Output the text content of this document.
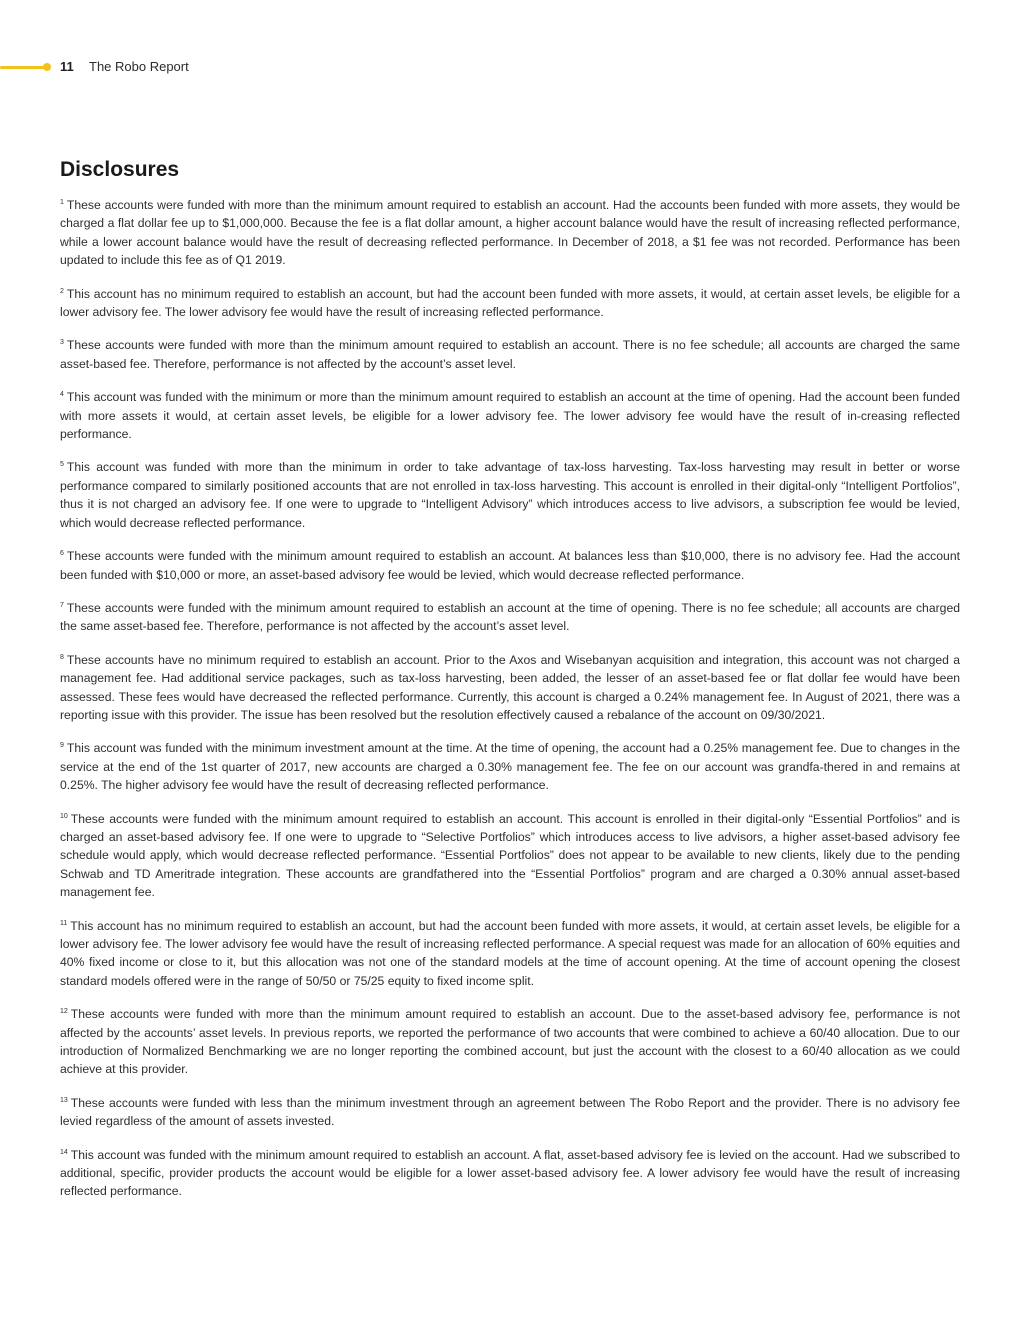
11 The Robo Report
Disclosures

$^1$ These accounts were funded with more than the minimum amount required to establish an account. Had the accounts been funded with more assets, they would be charged a flat dollar fee up to $1,000,000. Because the fee is a flat dollar amount, a higher account balance would have the result of increasing reflected performance, while a lower account balance would have the result of decreasing reflected performance. In December of 2018, a $1 fee was not recorded. Performance has been updated to include this fee as of Q1 2019.

$^2$ This account has no minimum required to establish an account, but had the account been funded with more assets, it would, at certain asset levels, be eligible for a lower advisory fee. The lower advisory fee would have the result of increasing reflected performance.

$^3$ These accounts were funded with more than the minimum amount required to establish an account. There is no fee schedule; all accounts are charged the same asset-based fee. Therefore, performance is not affected by the account’s asset level.

$^4$ This account was funded with the minimum or more than the minimum amount required to establish an account at the time of opening. Had the account been funded with more assets it would, at certain asset levels, be eligible for a lower advisory fee. The lower advisory fee would have the result of in-creasing reflected performance.

$^5$ This account was funded with more than the minimum in order to take advantage of tax-loss harvesting. Tax-loss harvesting may result in better or worse performance compared to similarly positioned accounts that are not enrolled in tax-loss harvesting. This account is enrolled in their digital-only “Intelligent Portfolios”, thus it is not charged an advisory fee. If one were to upgrade to “Intelligent Advisory” which introduces access to live advisors, a subscription fee would be levied, which would decrease reflected performance.

$^6$ These accounts were funded with the minimum amount required to establish an account. At balances less than $10,000, there is no advisory fee. Had the account been funded with $10,000 or more, an asset-based advisory fee would be levied, which would decrease reflected performance.

$^7$ These accounts were funded with the minimum amount required to establish an account at the time of opening. There is no fee schedule; all accounts are charged the same asset-based fee. Therefore, performance is not affected by the account’s asset level.

$^8$ These accounts have no minimum required to establish an account. Prior to the Axos and Wisebanyan acquisition and integration, this account was not charged a management fee. Had additional service packages, such as tax-loss harvesting, been added, the lesser of an asset-based fee or flat dollar fee would have been assessed. These fees would have decreased the reflected performance. Currently, this account is charged a 0.24% management fee. In August of 2021, there was a reporting issue with this provider. The issue has been resolved but the resolution effectively caused a rebalance of the account on 09/30/2021.

$^9$ This account was funded with the minimum investment amount at the time. At the time of opening, the account had a 0.25% management fee. Due to changes in the service at the end of the 1st quarter of 2017, new accounts are charged a 0.30% management fee. The fee on our account was grandfa-thered in and remains at 0.25%. The higher advisory fee would have the result of decreasing reflected performance.

$^{10}$ These accounts were funded with the minimum amount required to establish an account. This account is enrolled in their digital-only “Essential Portfolios” and is charged an asset-based advisory fee. If one were to upgrade to “Selective Portfolios” which introduces access to live advisors, a higher asset-based advisory fee schedule would apply, which would decrease reflected performance. “Essential Portfolios” does not appear to be available to new clients, likely due to the pending Schwab and TD Ameritrade integration. These accounts are grandfathered into the “Essential Portfolios” program and are charged a 0.30% annual asset-based management fee.

$^{11}$ This account has no minimum required to establish an account, but had the account been funded with more assets, it would, at certain asset levels, be eligible for a lower advisory fee. The lower advisory fee would have the result of increasing reflected performance. A special request was made for an allocation of 60% equities and 40% fixed income or close to it, but this allocation was not one of the standard models at the time of account opening. At the time of account opening the closest standard models offered were in the range of 50/50 or 75/25 equity to fixed income split.

$^{12}$ These accounts were funded with more than the minimum amount required to establish an account. Due to the asset-based advisory fee, performance is not affected by the accounts’ asset levels. In previous reports, we reported the performance of two accounts that were combined to achieve a 60/40 allocation. Due to our introduction of Normalized Benchmarking we are no longer reporting the combined account, but just the account with the closest to a 60/40 allocation as we could achieve at this provider.

$^{13}$ These accounts were funded with less than the minimum investment through an agreement between The Robo Report and the provider. There is no advisory fee levied regardless of the amount of assets invested.

$^{14}$ This account was funded with the minimum amount required to establish an account. A flat, asset-based advisory fee is levied on the account. Had we subscribed to additional, specific, provider products the account would be eligible for a lower asset-based advisory fee. A lower advisory fee would have the result of increasing reflected performance.
